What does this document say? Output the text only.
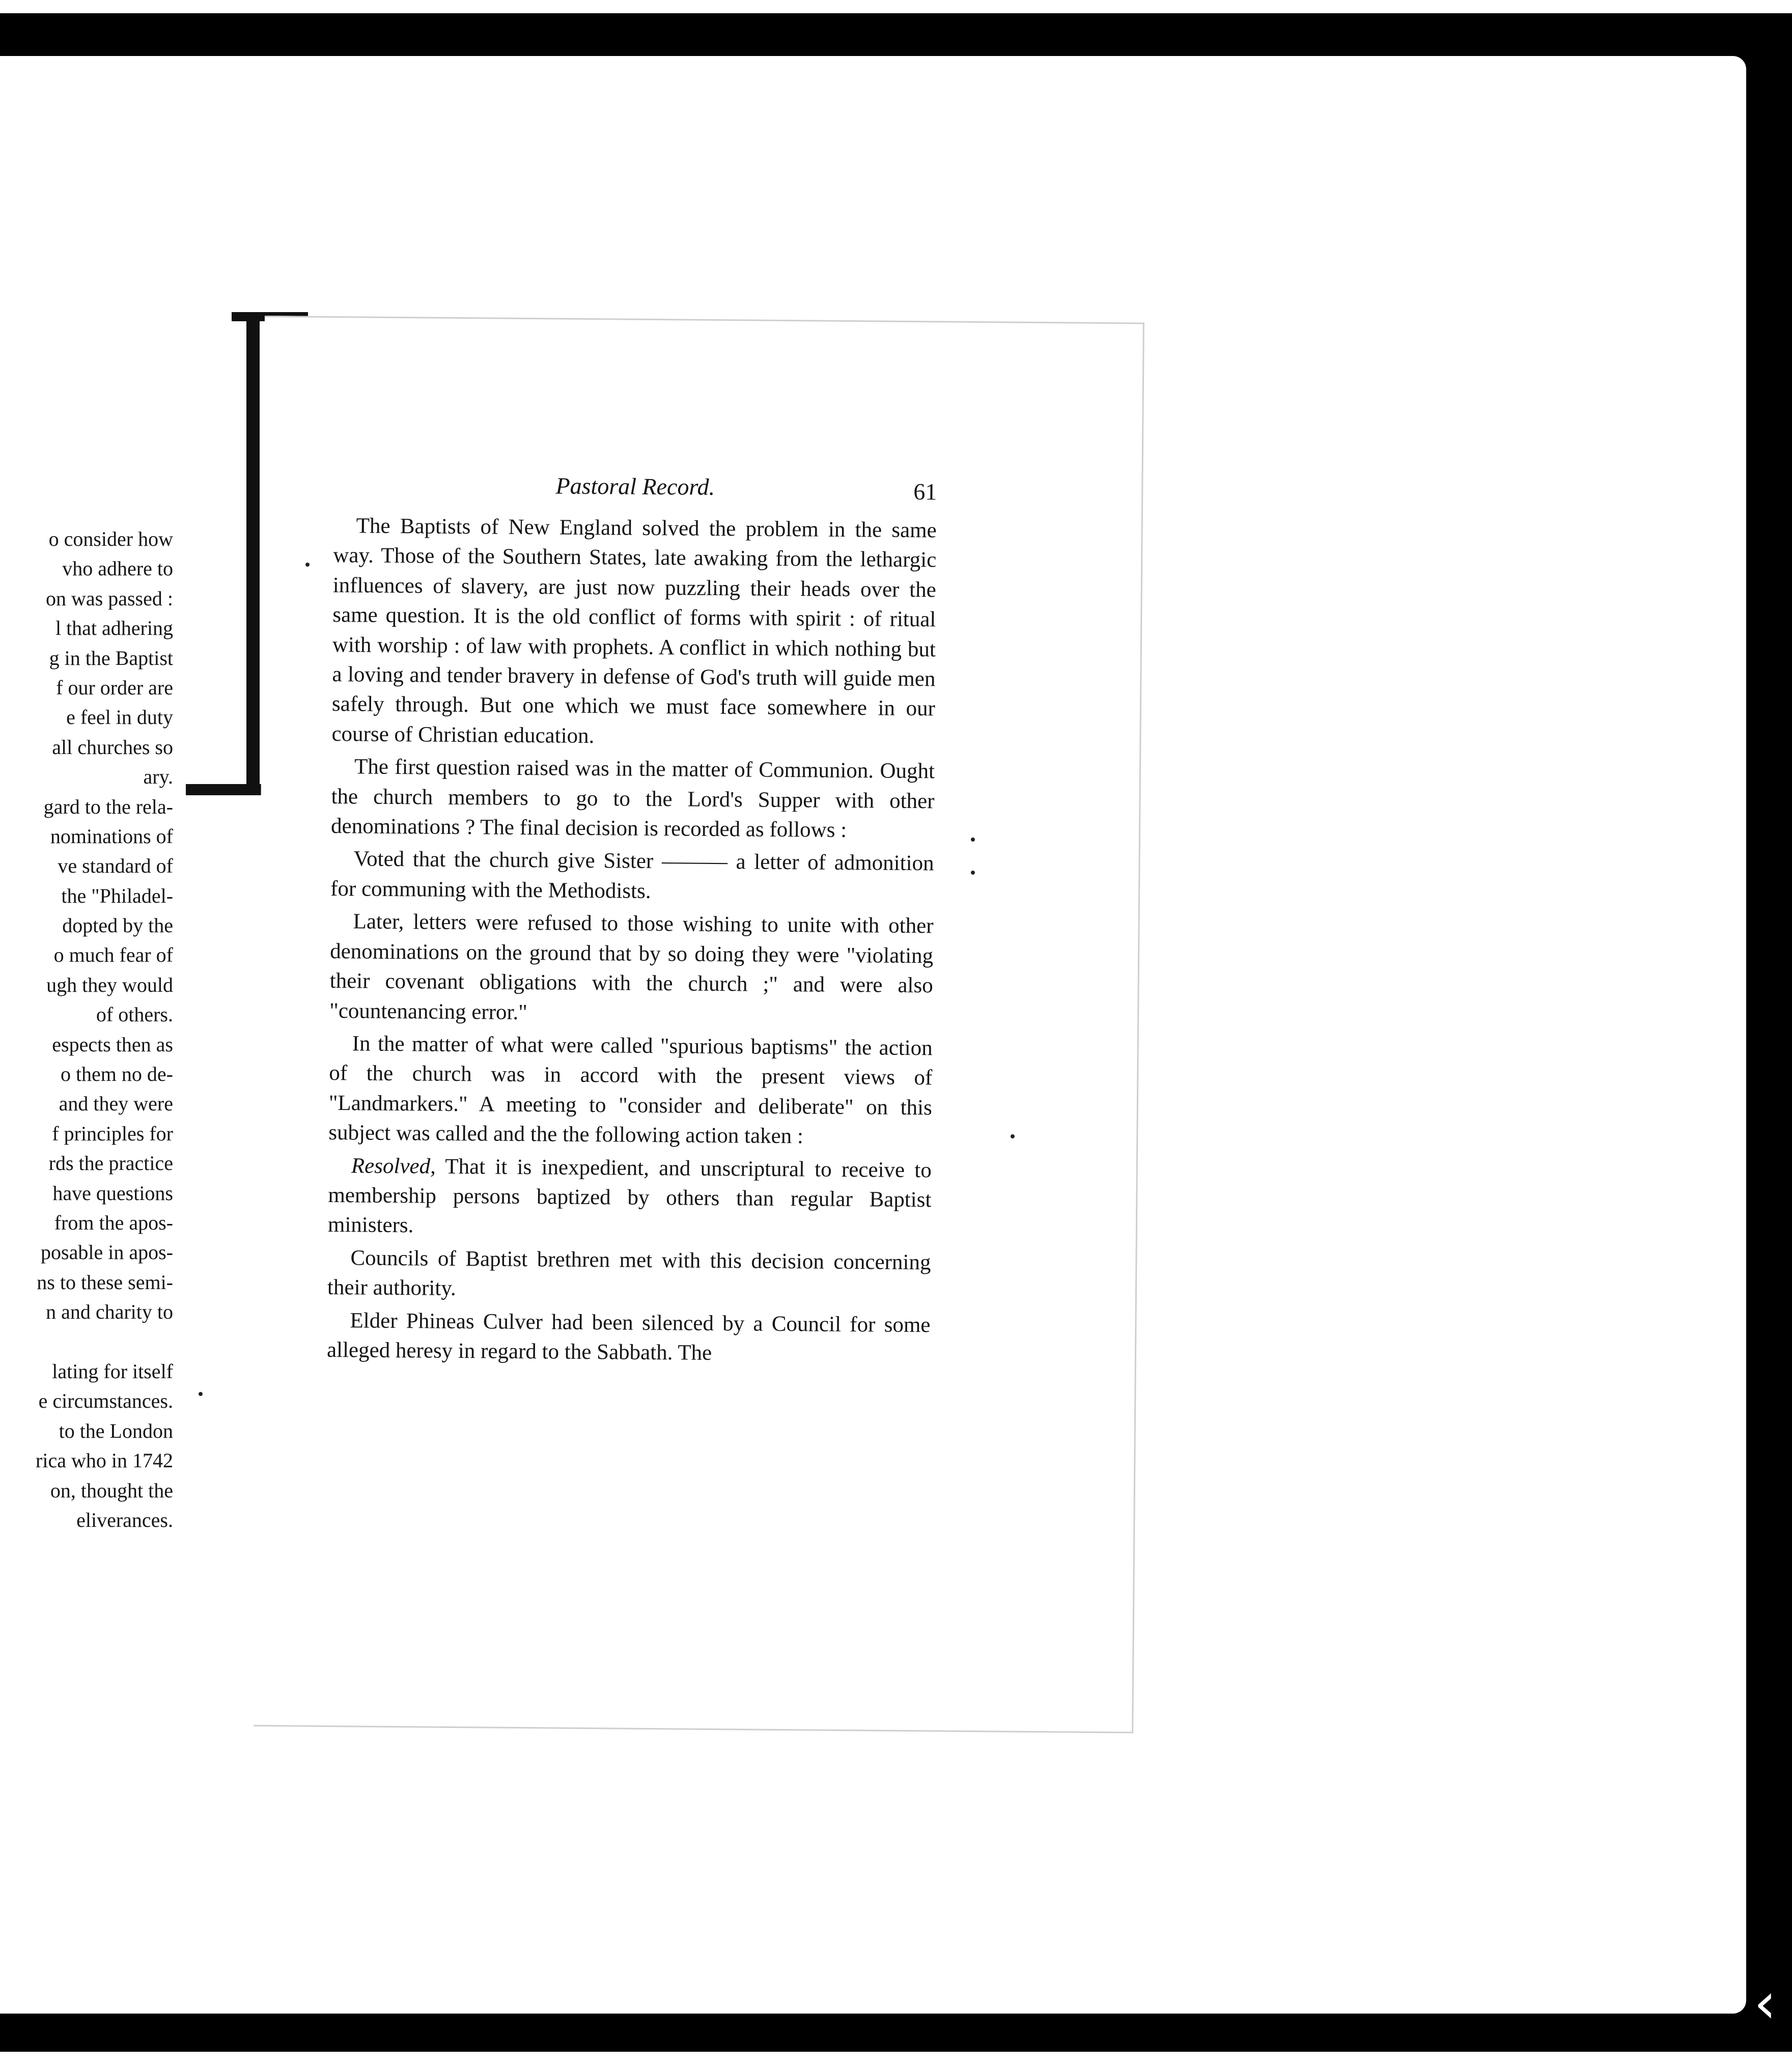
o consider how
vho adhere to
on was passed :
l that adhering
g in the Baptist
f our order are
e feel in duty
all churches so
ary.
gard to the rela-
nominations of
ve standard of
the "Philadel-
dopted by the
o much fear of
ugh they would
of others.
espects then as
o them no de-
and they were
f principles for
rds the practice
have questions
from the apos-
posable in apos-
ns to these semi-
n and charity to
lating for itself
e circumstances.
to the London
rica who in 1742
on, thought the
eliverances.
Pastoral Record.	61

The Baptists of New England solved the problem in the same way. Those of the Southern States, late awaking from the lethargic influences of slavery, are just now puzzling their heads over the same question. It is the old conflict of forms with spirit : of ritual with worship : of law with prophets. A conflict in which nothing but a loving and tender bravery in defense of God's truth will guide men safely through. But one which we must face somewhere in our course of Christian education.

The first question raised was in the matter of Communion. Ought the church members to go to the Lord's Supper with other denominations ? The final decision is recorded as follows :

Voted that the church give Sister ——— a letter of admonition for communing with the Methodists.

Later, letters were refused to those wishing to unite with other denominations on the ground that by so doing they were "violating their covenant obligations with the church ;" and were also "countenancing error."

In the matter of what were called "spurious baptisms" the action of the church was in accord with the present views of "Landmarkers." A meeting to "consider and deliberate" on this subject was called and the the following action taken :

Resolved, That it is inexpedient, and unscriptural to receive to membership persons baptized by others than regular Baptist ministers.

Councils of Baptist brethren met with this decision concerning their authority.

Elder Phineas Culver had been silenced by a Council for some alleged heresy in regard to the Sabbath. The

‹
